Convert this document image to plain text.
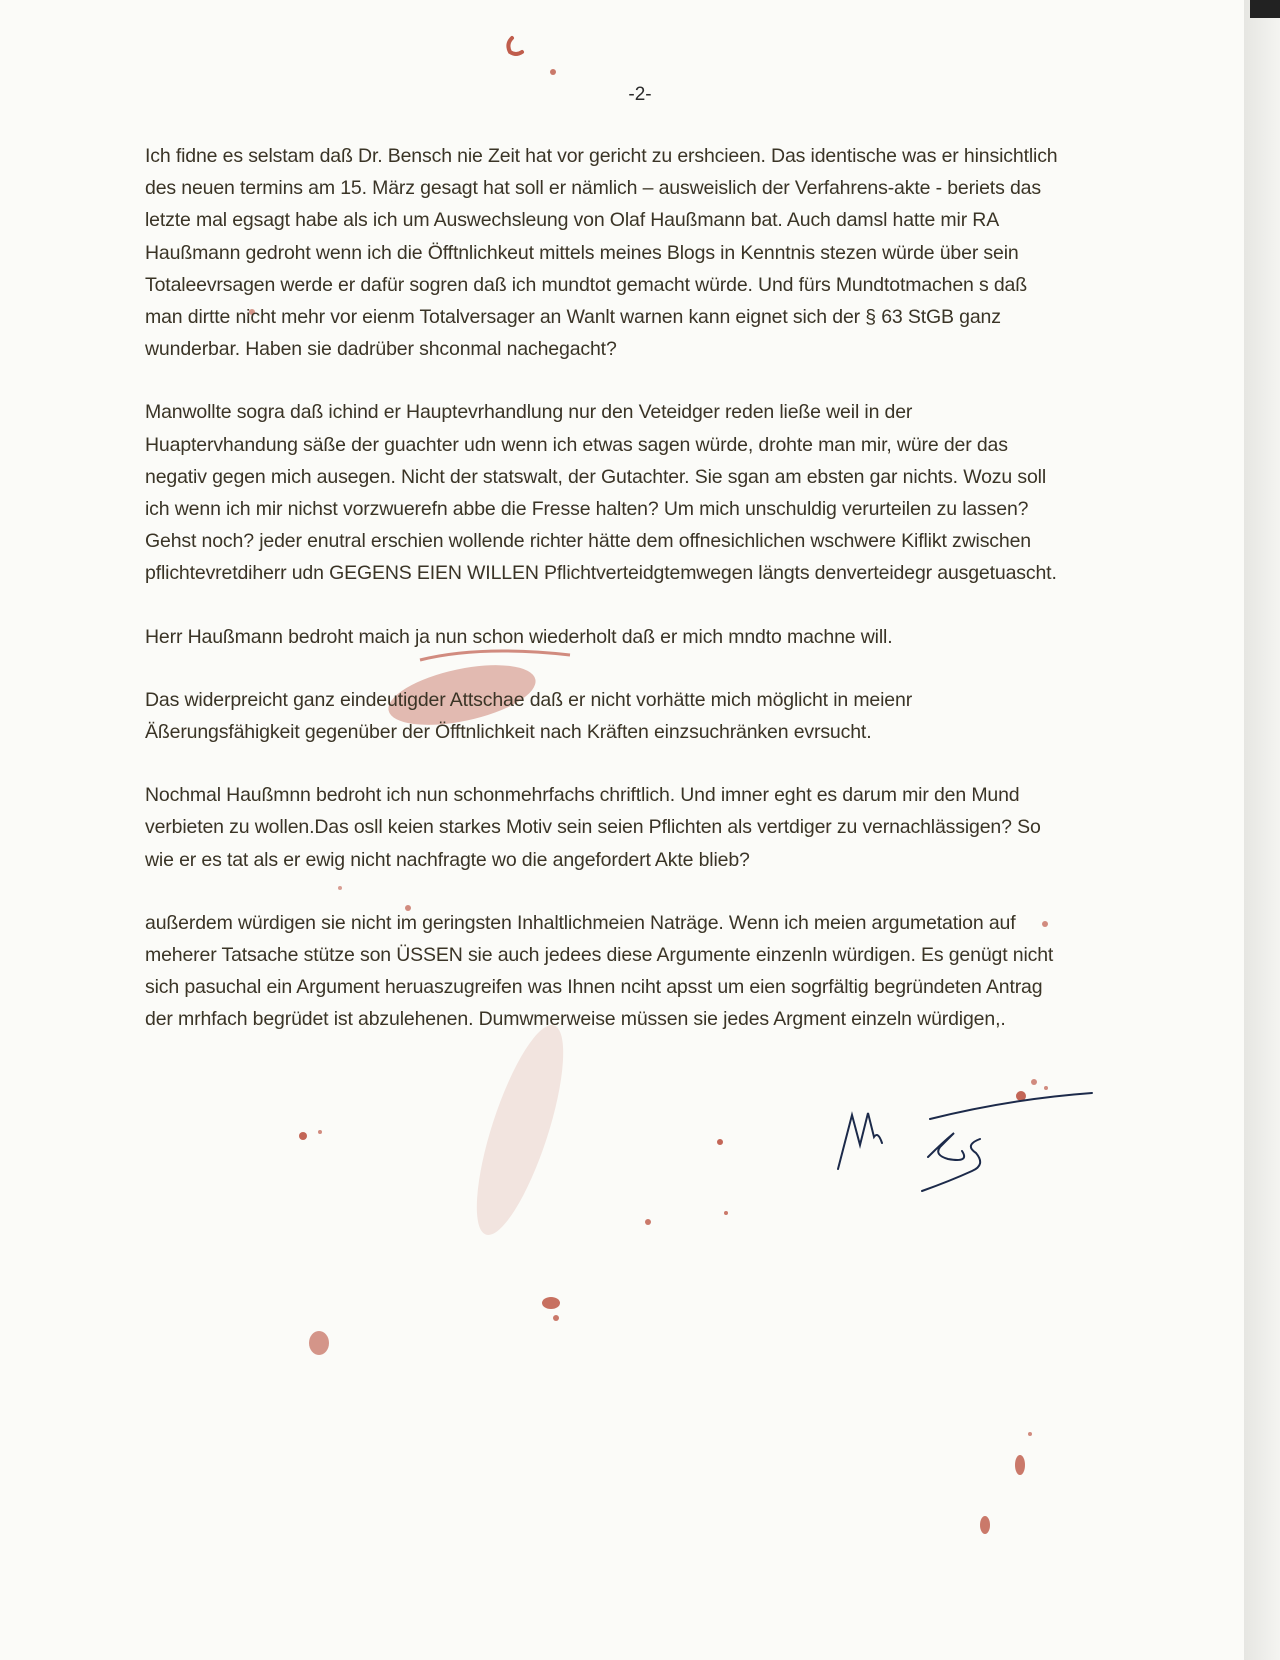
-2-

Ich fidne es selstam daß Dr. Bensch nie Zeit hat vor gericht zu ershcieen. Das identische was er hinsichtlich
des neuen termins am 15. März gesagt hat soll er nämlich – ausweislich der Verfahrens-akte - beriets das
letzte mal egsagt habe als ich um Auswechsleung von Olaf Haußmann bat. Auch damsl hatte mir RA
Haußmann gedroht wenn ich die Öfftnlichkeut mittels meines Blogs in Kenntnis stezen würde über sein
Totaleevrsagen werde er dafür sogren daß ich mundtot gemacht würde. Und fürs Mundtotmachen s daß
man dirtte nicht mehr vor eienm Totalversager an Wanlt warnen kann eignet sich der § 63 StGB ganz
wunderbar. Haben sie dadrüber shconmal nachegacht?

Manwollte sogra daß ichind er Hauptevrhandlung nur den Veteidger reden ließe weil in der
Huaptervhandung säße der guachter udn wenn ich etwas sagen würde, drohte man mir, würe der das
negativ gegen mich ausegen. Nicht der statswalt, der Gutachter. Sie sgan am ebsten gar nichts. Wozu soll
ich wenn ich mir nichst vorzwuerefn abbe die Fresse halten? Um mich unschuldig verurteilen zu lassen?
Gehst noch? jeder enutral erschien wollende richter hätte dem offnesichlichen wschwere Kiflikt zwischen
pflichtevretdiherr udn GEGENS EIEN WILLEN Pflichtverteidgtemwegen längts denverteidegr ausgetuascht.

Herr Haußmann bedroht maich ja nun schon wiederholt daß er mich mndto machne will.

Das widerpreicht ganz eindeutigder Attschae daß er nicht vorhätte mich möglicht in meienr
Äßerungsfähigkeit gegenüber der Öfftnlichkeit nach Kräften einzsuchränken evrsucht.

Nochmal Haußmnn bedroht ich nun schonmehrfachs chriftlich. Und imner eght es darum mir den Mund
verbieten zu wollen.Das osll keien starkes Motiv sein seien Pflichten als vertdiger zu vernachlässigen? So
wie er es tat als er ewig nicht nachfragte wo die angefordert Akte blieb?

außerdem würdigen sie nicht im geringsten Inhaltlichmeien Naträge. Wenn ich meien argumetation auf
meherer Tatsache stütze son ÜSSEN sie auch jedees diese Argumente einzenln würdigen. Es genügt nicht
sich pasuchal ein Argument heruaszugreifen was Ihnen nciht apsst um eien sogrfältig begründeten Antrag
der mrhfach begrüdet ist abzulehenen. Dumwmerweise müssen sie jedes Argment einzeln würdigen,.
